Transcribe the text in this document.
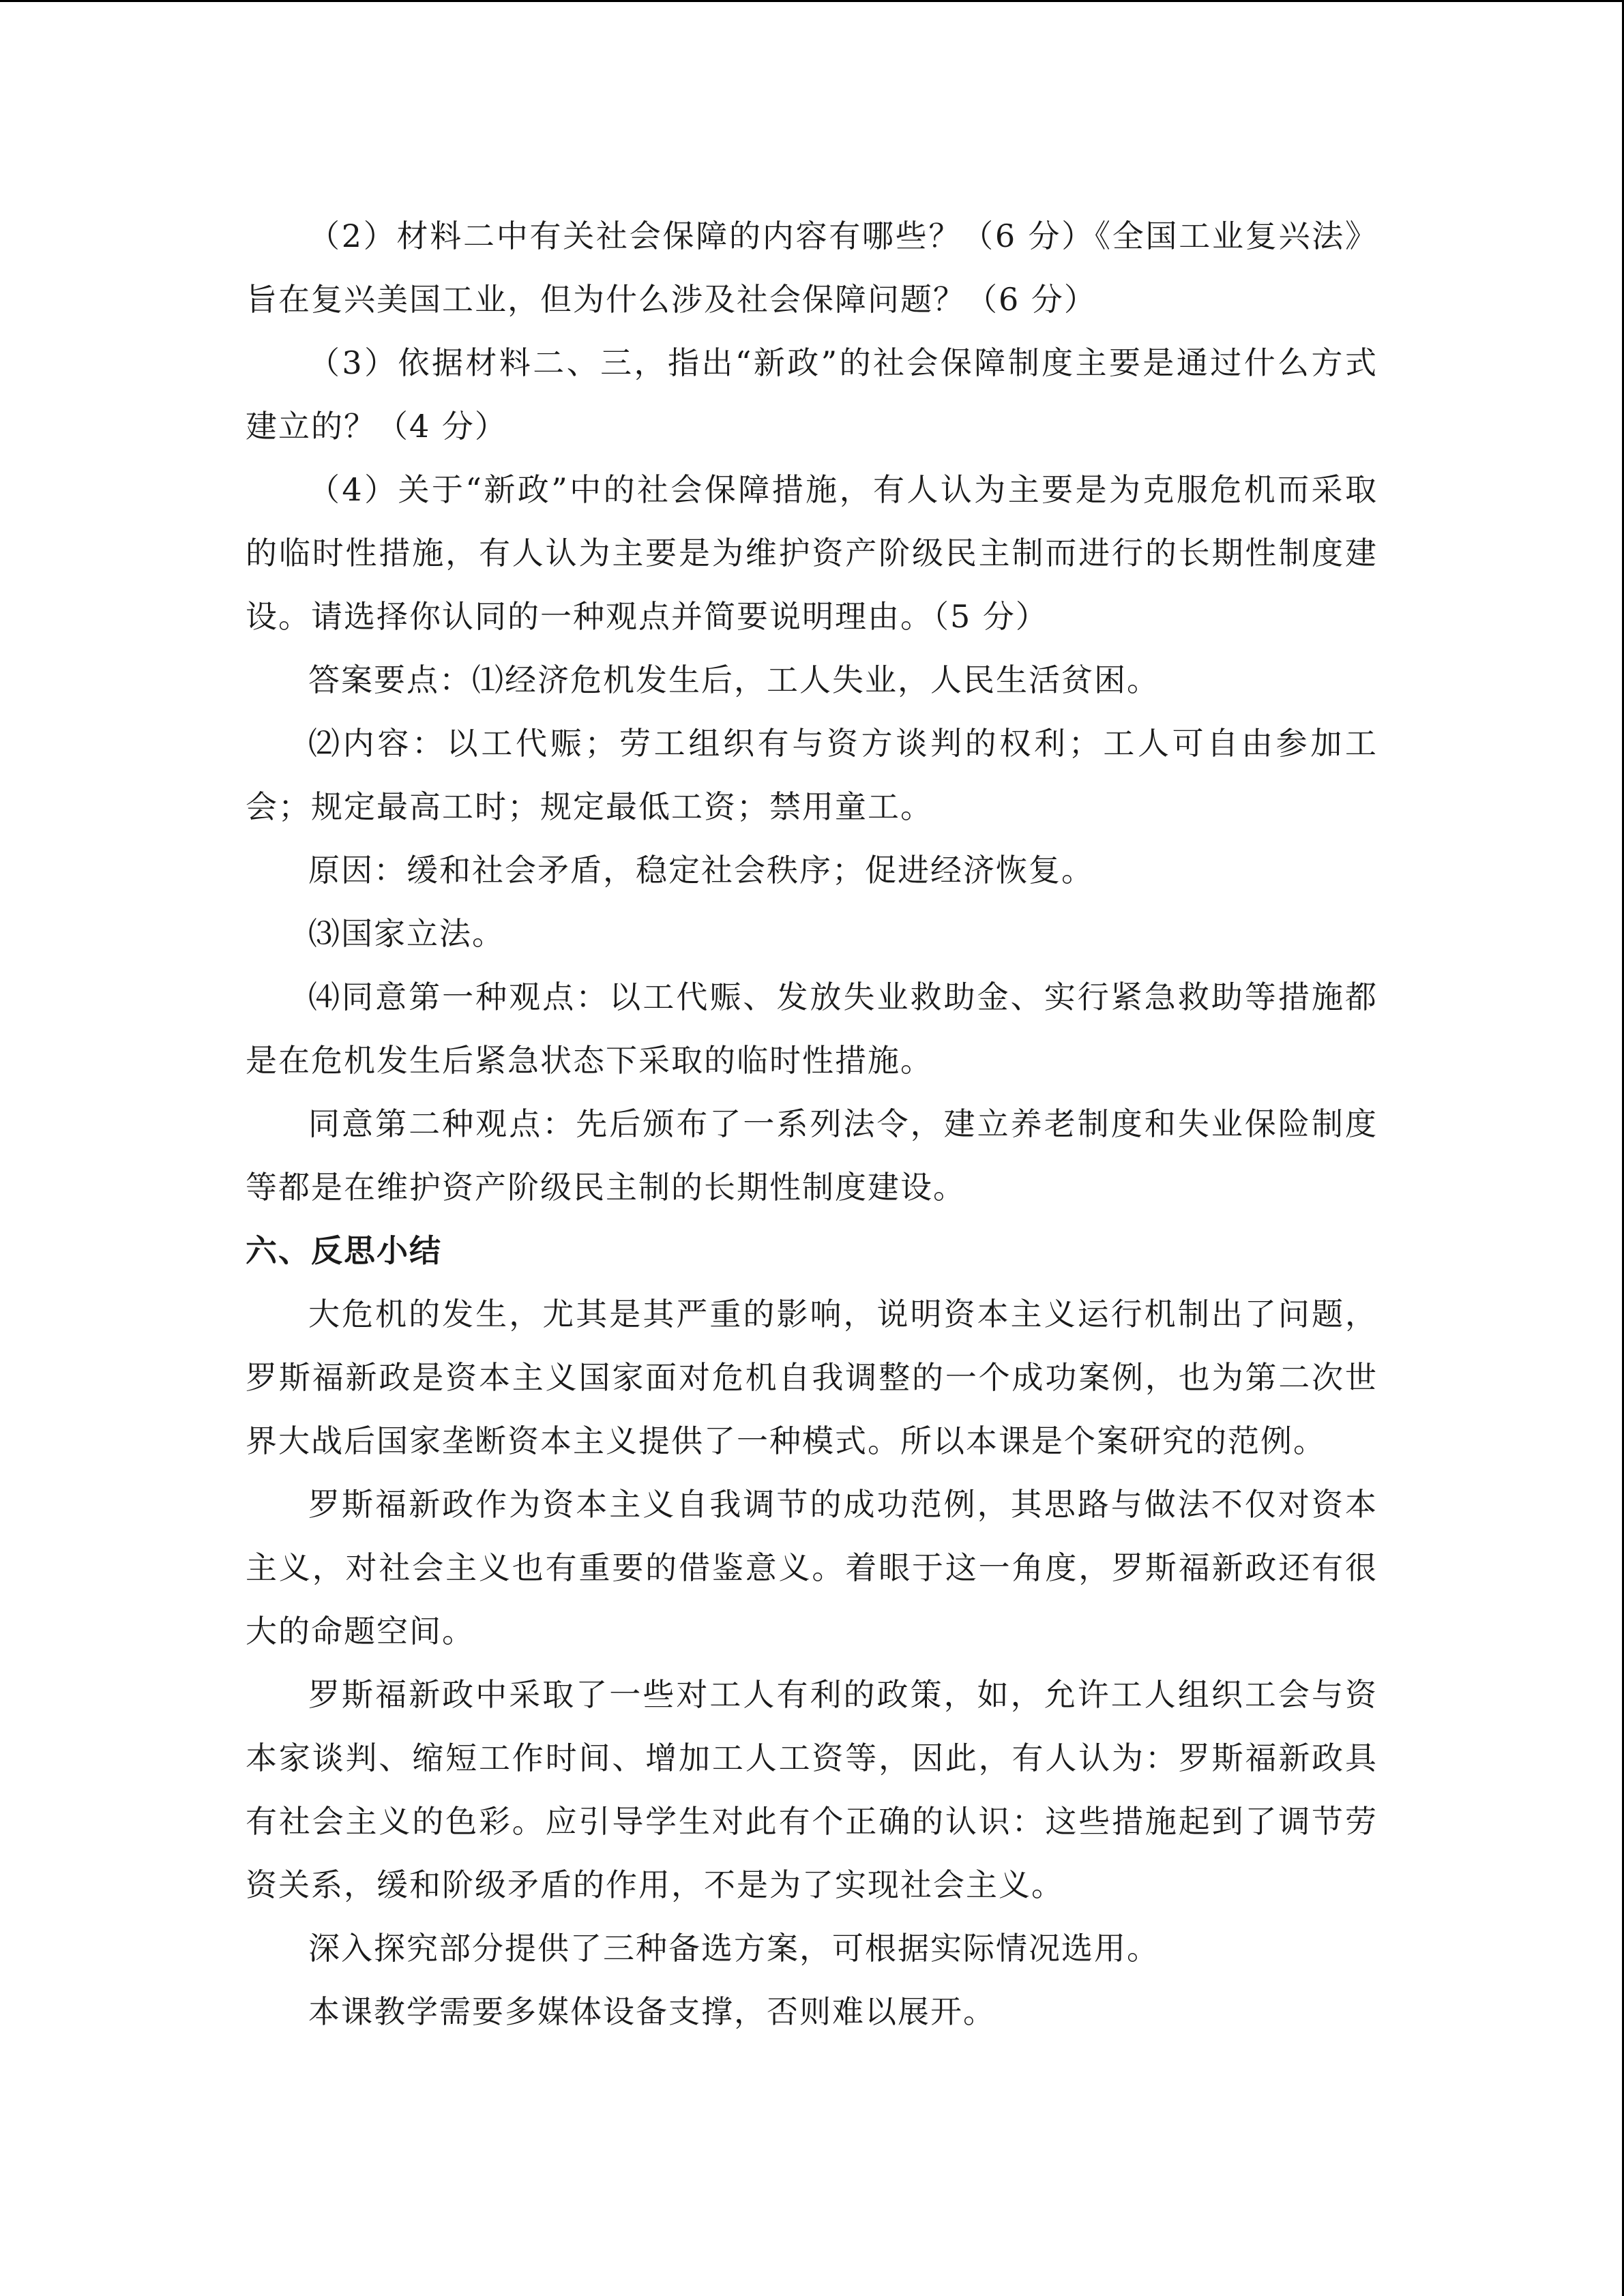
（2）材料二中有关社会保障的内容有哪些？（6 分）《全国工业复兴法》旨在复兴美国工业，但为什么涉及社会保障问题？（6 分）

（3）依据材料二、三，指出“新政”的社会保障制度主要是通过什么方式建立的？（4 分）

（4）关于“新政”中的社会保障措施，有人认为主要是为克服危机而采取的临时性措施，有人认为主要是为维护资产阶级民主制而进行的长期性制度建设。请选择你认同的一种观点并简要说明理由。（5 分）

答案要点：⑴经济危机发生后，工人失业，人民生活贫困。

⑵内容：以工代赈；劳工组织有与资方谈判的权利；工人可自由参加工会；规定最高工时；规定最低工资；禁用童工。

原因：缓和社会矛盾，稳定社会秩序；促进经济恢复。

⑶国家立法。

⑷同意第一种观点：以工代赈、发放失业救助金、实行紧急救助等措施都是在危机发生后紧急状态下采取的临时性措施。

同意第二种观点：先后颁布了一系列法令，建立养老制度和失业保险制度等都是在维护资产阶级民主制的长期性制度建设。

六、反思小结

大危机的发生，尤其是其严重的影响，说明资本主义运行机制出了问题，罗斯福新政是资本主义国家面对危机自我调整的一个成功案例，也为第二次世界大战后国家垄断资本主义提供了一种模式。所以本课是个案研究的范例。

罗斯福新政作为资本主义自我调节的成功范例，其思路与做法不仅对资本主义，对社会主义也有重要的借鉴意义。着眼于这一角度，罗斯福新政还有很大的命题空间。

罗斯福新政中采取了一些对工人有利的政策，如，允许工人组织工会与资本家谈判、缩短工作时间、增加工人工资等，因此，有人认为：罗斯福新政具有社会主义的色彩。应引导学生对此有个正确的认识：这些措施起到了调节劳资关系，缓和阶级矛盾的作用，不是为了实现社会主义。

深入探究部分提供了三种备选方案，可根据实际情况选用。

本课教学需要多媒体设备支撑，否则难以展开。
